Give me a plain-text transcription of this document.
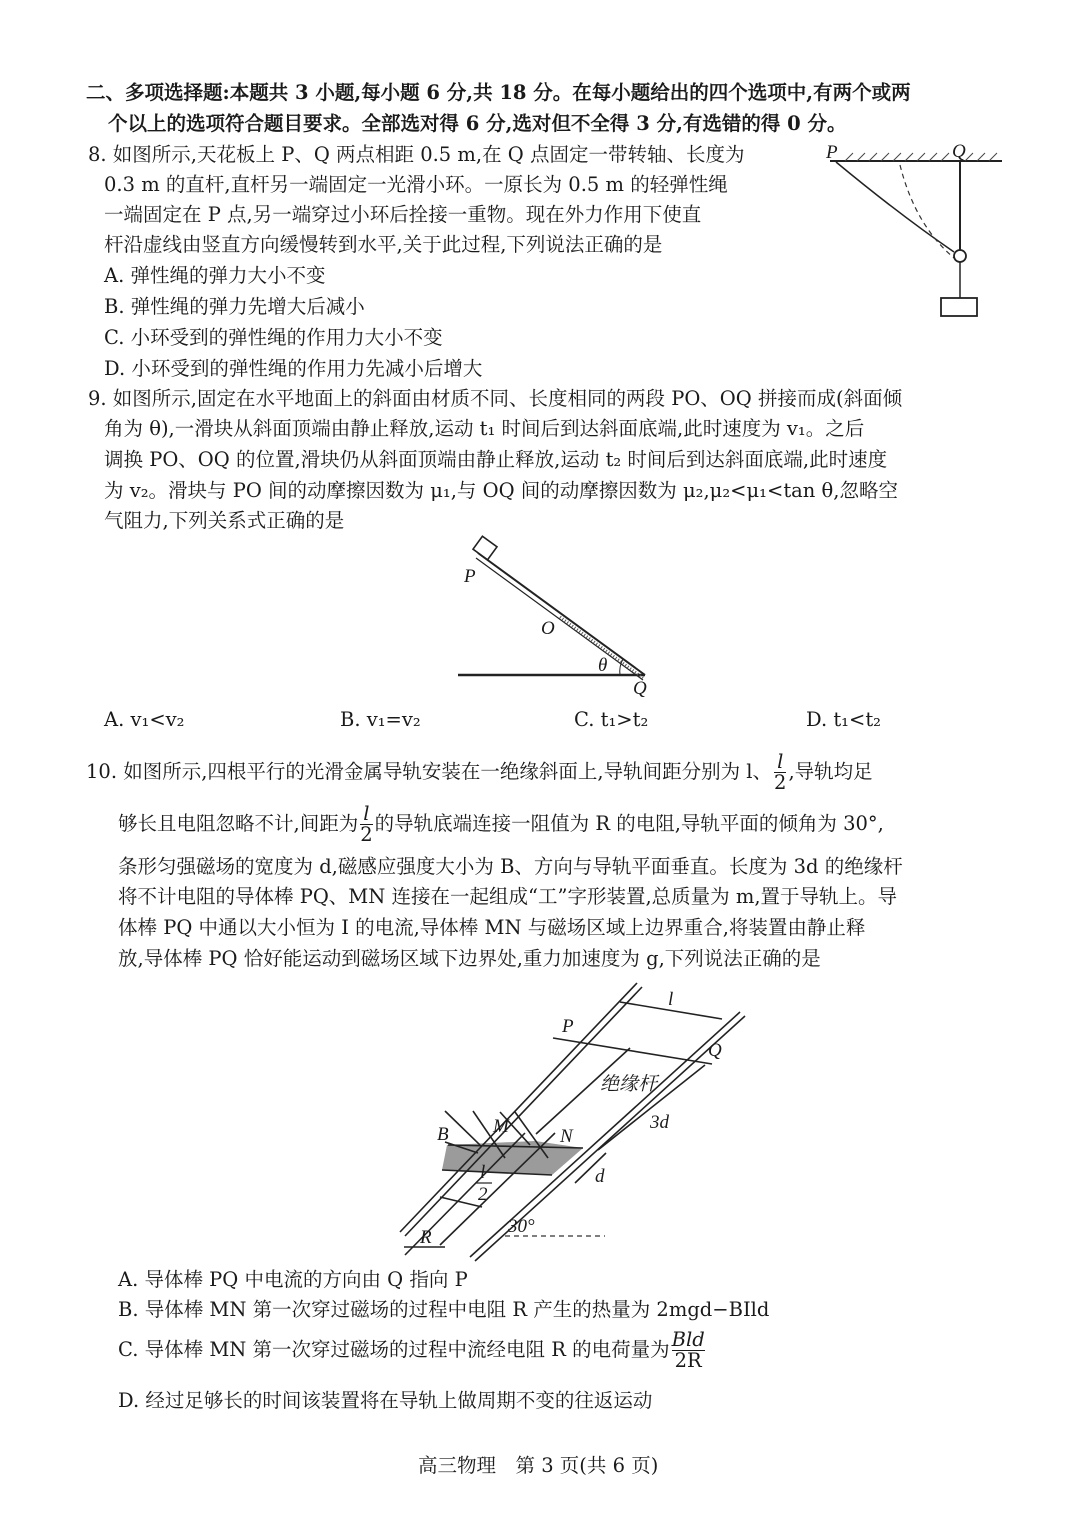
二、多项选择题:本题共 3 小题,每小题 6 分,共 18 分。在每小题给出的四个选项中,有两个或两
个以上的选项符合题目要求。全部选对得 6 分,选对但不全得 3 分,有选错的得 0 分。
8. 如图所示,天花板上 P、Q 两点相距 0.5 m,在 Q 点固定一带转轴、长度为
0.3 m 的直杆,直杆另一端固定一光滑小环。一原长为 0.5 m 的轻弹性绳
一端固定在 P 点,另一端穿过小环后拴接一重物。现在外力作用下使直
杆沿虚线由竖直方向缓慢转到水平,关于此过程,下列说法正确的是
A. 弹性绳的弹力大小不变
B. 弹性绳的弹力先增大后减小
C. 小环受到的弹性绳的作用力大小不变
D. 小环受到的弹性绳的作用力先减小后增大
P	Q
9. 如图所示,固定在水平地面上的斜面由材质不同、长度相同的两段 PO、OQ 拼接而成(斜面倾
角为 θ),一滑块从斜面顶端由静止释放,运动 t₁ 时间后到达斜面底端,此时速度为 v₁。之后
调换 PO、OQ 的位置,滑块仍从斜面顶端由静止释放,运动 t₂ 时间后到达斜面底端,此时速度
为 v₂。滑块与 PO 间的动摩擦因数为 μ₁,与 OQ 间的动摩擦因数为 μ₂,μ₂<μ₁<tan θ,忽略空
气阻力,下列关系式正确的是
P
O
θ
Q
A. v₁<v₂	B. v₁=v₂	C. t₁>t₂	D. t₁<t₂
10. 如图所示,四根平行的光滑金属导轨安装在一绝缘斜面上,导轨间距分别为 l、 $\frac{l}{2}$ ,导轨均足
够长且电阻忽略不计,间距为 $\frac{l}{2}$ 的导轨底端连接一阻值为 R 的电阻,导轨平面的倾角为 30°,
条形匀强磁场的宽度为 d,磁感应强度大小为 B、方向与导轨平面垂直。长度为 3d 的绝缘杆
将不计电阻的导体棒 PQ、MN 连接在一起组成“工”字形装置,总质量为 m,置于导轨上。导
体棒 PQ 中通以大小恒为 I 的电流,导体棒 MN 与磁场区域上边界重合,将装置由静止释
放,导体棒 PQ 恰好能运动到磁场区域下边界处,重力加速度为 g,下列说法正确的是
P
Q
l
绝缘杆
3d
B M	N
d
l
2
30°
R
A. 导体棒 PQ 中电流的方向由 Q 指向 P
B. 导体棒 MN 第一次穿过磁场的过程中电阻 R 产生的热量为 2mgd−BIld
C. 导体棒 MN 第一次穿过磁场的过程中流经电阻 R 的电荷量为 $\frac{\text{Bld}}{2R}$
D. 经过足够长的时间该装置将在导轨上做周期不变的往返运动
高三物理　第 3 页(共 6 页)
